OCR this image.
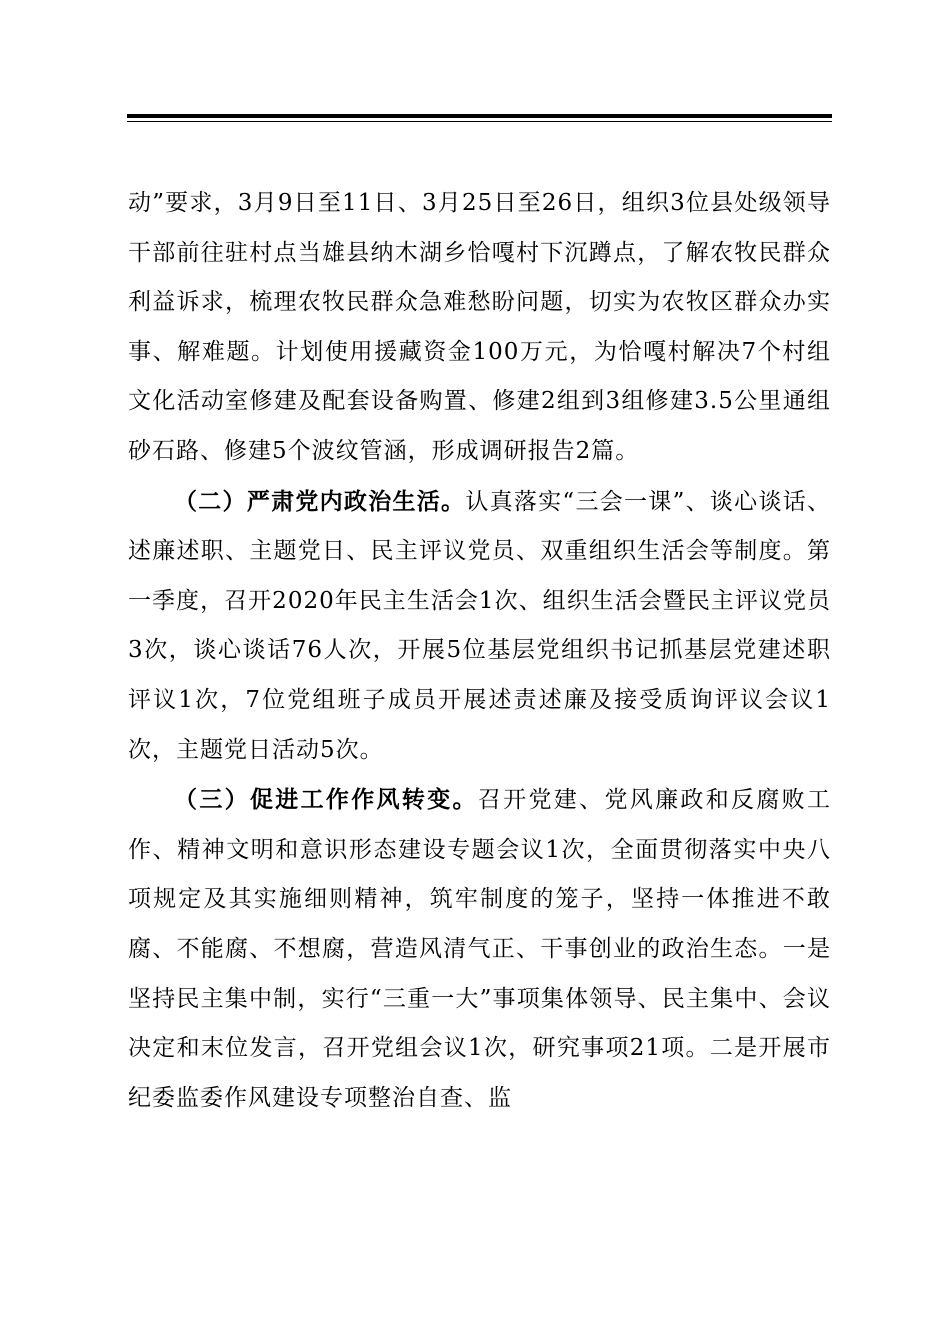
动”要求，3月9日至11日、3月25日至26日，组织3位县处级领导干部前往驻村点当雄县纳木湖乡恰嘎村下沉蹲点，了解农牧民群众利益诉求，梳理农牧民群众急难愁盼问题，切实为农牧区群众办实事、解难题。计划使用援藏资金100万元，为恰嘎村解决7个村组文化活动室修建及配套设备购置、修建2组到3组修建3.5公里通组砂石路、修建5个波纹管涵，形成调研报告2篇。

（二）严肃党内政治生活。认真落实“三会一课”、谈心谈话、述廉述职、主题党日、民主评议党员、双重组织生活会等制度。第一季度，召开2020年民主生活会1次、组织生活会暨民主评议党员3次，谈心谈话76人次，开展5位基层党组织书记抓基层党建述职评议1次，7位党组班子成员开展述责述廉及接受质询评议会议1次，主题党日活动5次。

（三）促进工作作风转变。召开党建、党风廉政和反腐败工作、精神文明和意识形态建设专题会议1次，全面贯彻落实中央八项规定及其实施细则精神，筑牢制度的笼子，坚持一体推进不敢腐、不能腐、不想腐，营造风清气正、干事创业的政治生态。一是坚持民主集中制，实行“三重一大”事项集体领导、民主集中、会议决定和末位发言，召开党组会议1次，研究事项21项。二是开展市纪委监委作风建设专项整治自查、监
